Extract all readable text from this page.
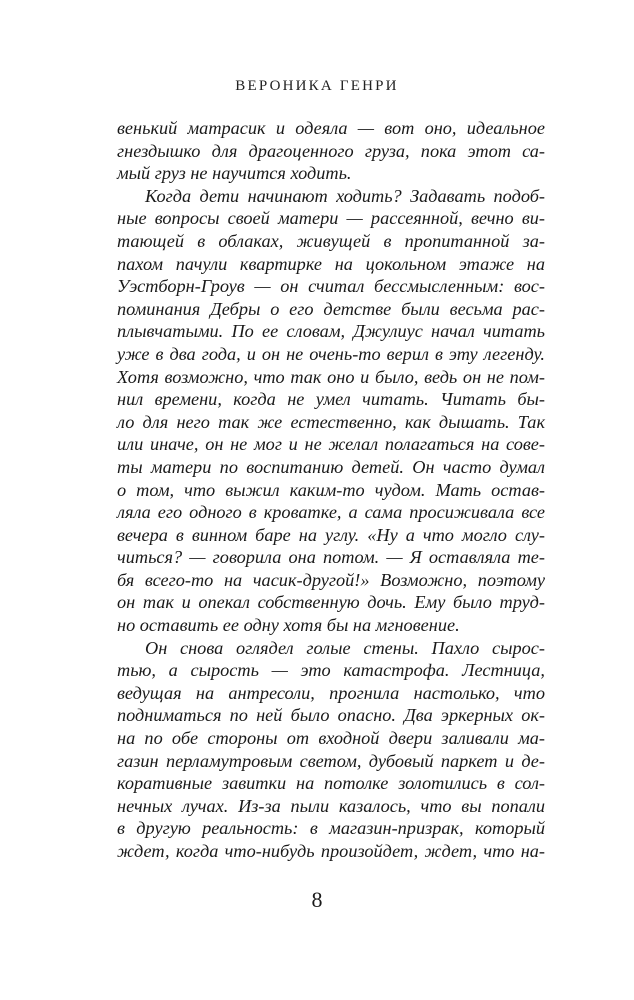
ВЕРОНИКА ГЕНРИ
венький матрасик и одеяла — вот оно, идеальное
гнездышко для драгоценного груза, пока этот са-
мый груз не научится ходить.
Когда дети начинают ходить? Задавать подоб-
ные вопросы своей матери — рассеянной, вечно ви-
тающей в облаках, живущей в пропитанной за-
пахом пачули квартирке на цокольном этаже на
Уэстборн-Гроув — он считал бессмысленным: вос-
поминания Дебры о его детстве были весьма рас-
плывчатыми. По ее словам, Джулиус начал читать
уже в два года, и он не очень-то верил в эту легенду.
Хотя возможно, что так оно и было, ведь он не пом-
нил времени, когда не умел читать. Читать бы-
ло для него так же естественно, как дышать. Так
или иначе, он не мог и не желал полагаться на сове-
ты матери по воспитанию детей. Он часто думал
о том, что выжил каким-то чудом. Мать остав-
ляла его одного в кроватке, а сама просиживала все
вечера в винном баре на углу. «Ну а что могло слу-
читься? — говорила она потом. — Я оставляла те-
бя всего-то на часик-другой!» Возможно, поэтому
он так и опекал собственную дочь. Ему было труд-
но оставить ее одну хотя бы на мгновение.
Он снова оглядел голые стены. Пахло сырос-
тью, а сырость — это катастрофа. Лестница,
ведущая на антресоли, прогнила настолько, что
подниматься по ней было опасно. Два эркерных ок-
на по обе стороны от входной двери заливали ма-
газин перламутровым светом, дубовый паркет и де-
коративные завитки на потолке золотились в сол-
нечных лучах. Из-за пыли казалось, что вы попали
в другую реальность: в магазин-призрак, который
ждет, когда что-нибудь произойдет, ждет, что на-
8
